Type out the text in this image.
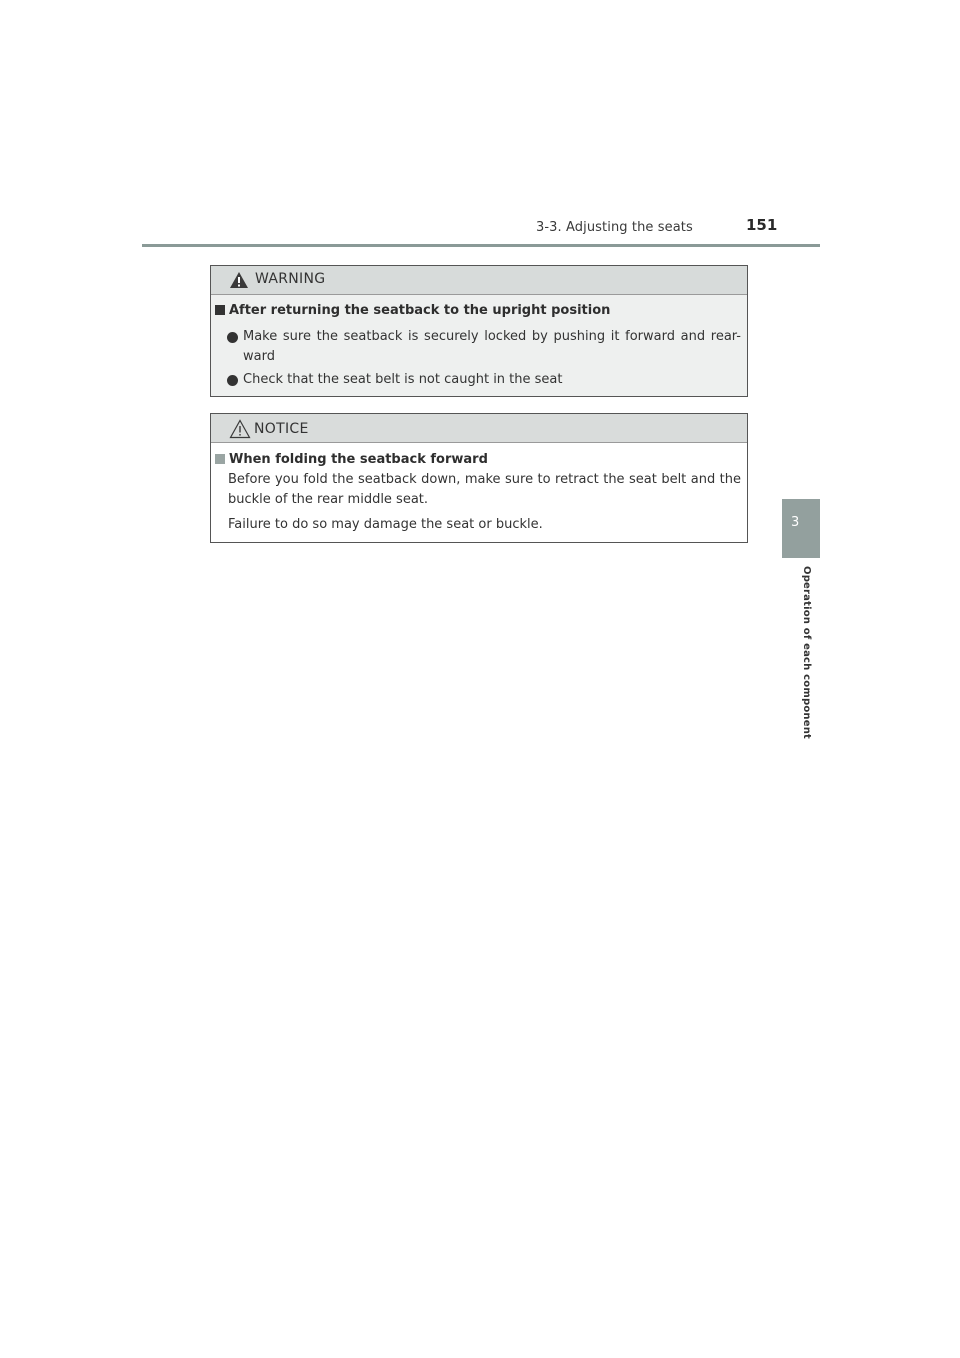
3-3. Adjusting the seats	151
3
Operation of each component
WARNING
After returning the seatback to the upright position
Make sure the seatback is securely locked by pushing it forward and rear-ward
Check that the seat belt is not caught in the seat
NOTICE
When folding the seatback forward
Before you fold the seatback down, make sure to retract the seat belt and the buckle of the rear middle seat.
Failure to do so may damage the seat or buckle.
